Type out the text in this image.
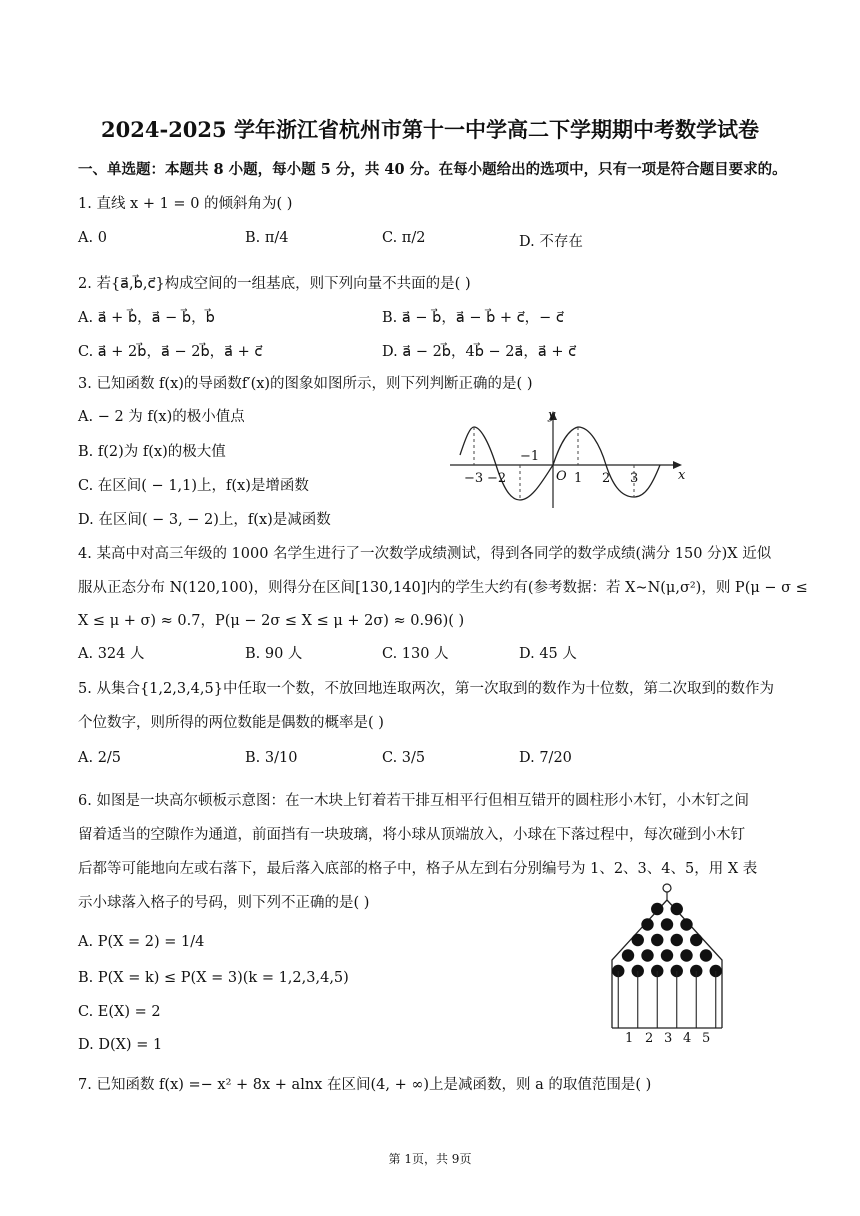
2024-2025 学年浙江省杭州市第十一中学高二下学期期中考数学试卷
一、单选题：本题共 8 小题，每小题 5 分，共 40 分。在每小题给出的选项中，只有一项是符合题目要求的。
1. 直线 x + 1 = 0 的倾斜角为( )
A. 0	B. π/4	C. π/2	D. 不存在
2. 若{a⃗,b⃗,c⃗}构成空间的一组基底，则下列向量不共面的是( )
A. a⃗ + b⃗，a⃗ − b⃗，b⃗	B. a⃗ − b⃗，a⃗ − b⃗ + c⃗，− c⃗
C. a⃗ + 2b⃗，a⃗ − 2b⃗，a⃗ + c⃗	D. a⃗ − 2b⃗，4b⃗ − 2a⃗，a⃗ + c⃗
3. 已知函数 f(x)的导函数f′(x)的图象如图所示，则下列判断正确的是( )
A. − 2 为 f(x)的极小值点
B. f(2)为 f(x)的极大值
C. 在区间( − 1,1)上，f(x)是增函数
D. 在区间( − 3, − 2)上，f(x)是减函数
y
x
O
−3 −2
−1
1 2 3
4. 某高中对高三年级的 1000 名学生进行了一次数学成绩测试，得到各同学的数学成绩(满分 150 分)X 近似
服从正态分布 N(120,100)，则得分在区间[130,140]内的学生大约有(参考数据：若 X∼N(μ,σ²)，则 P(μ − σ ≤
X ≤ μ + σ) ≈ 0.7，P(μ − 2σ ≤ X ≤ μ + 2σ) ≈ 0.96)( )
A. 324 人	B. 90 人	C. 130 人	D. 45 人
5. 从集合{1,2,3,4,5}中任取一个数，不放回地连取两次，第一次取到的数作为十位数，第二次取到的数作为
个位数字，则所得的两位数能是偶数的概率是( )
A. 2/5	B. 3/10	C. 3/5	D. 7/20
6. 如图是一块高尔顿板示意图：在一木块上钉着若干排互相平行但相互错开的圆柱形小木钉，小木钉之间
留着适当的空隙作为通道，前面挡有一块玻璃，将小球从顶端放入，小球在下落过程中，每次碰到小木钉
后都等可能地向左或右落下，最后落入底部的格子中，格子从左到右分别编号为 1、2、3、4、5，用 X 表
示小球落入格子的号码，则下列不正确的是( )
A. P(X = 2) = 1/4
B. P(X = k) ≤ P(X = 3)(k = 1,2,3,4,5)
C. E(X) = 2
D. D(X) = 1	1 2 3 4 5
7. 已知函数 f(x) =− x² + 8x + alnx 在区间(4, + ∞)上是减函数，则 a 的取值范围是( )
第 1页，共 9页
